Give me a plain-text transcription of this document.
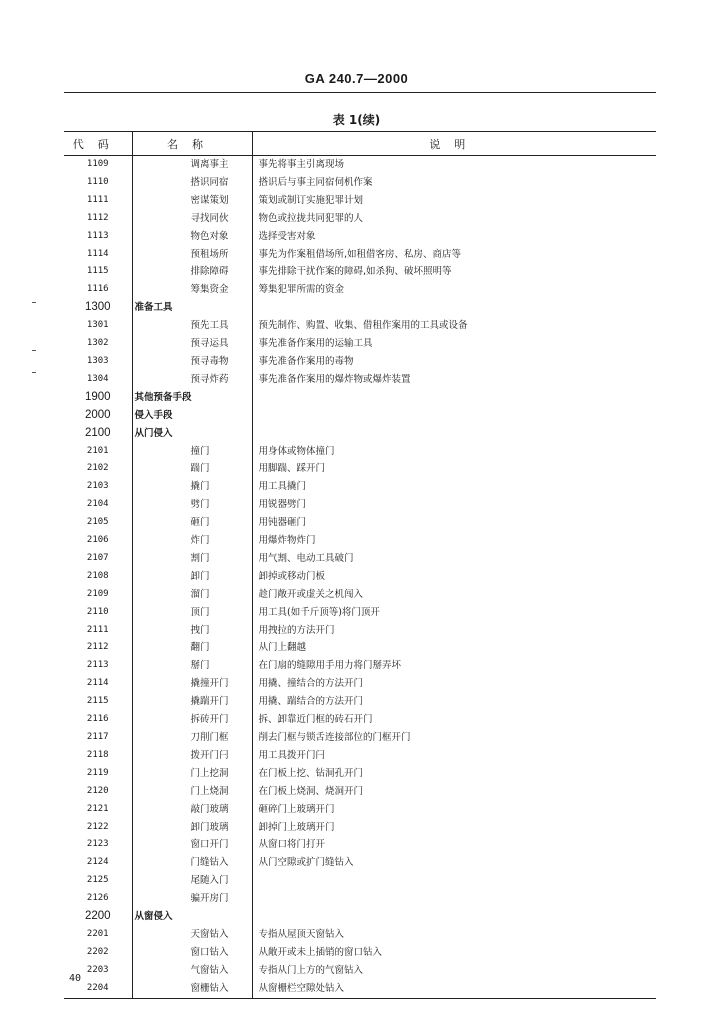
GA 240.7—2000
表 1(续)
代码	名称	说明
1109	调离事主	事先将事主引离现场
1110	搭识同宿	搭识后与事主同宿伺机作案
1111	密谋策划	策划或制订实施犯罪计划
1112	寻找同伙	物色或拉拢共同犯罪的人
1113	物色对象	选择受害对象
1114	预租场所	事先为作案租借场所,如租借客房、私房、商店等
1115	排除障碍	事先排除干扰作案的障碍,如杀狗、破坏照明等
1116	筹集资金	筹集犯罪所需的资金
1300	准备工具	
1301	预先工具	预先制作、购置、收集、借租作案用的工具或设备
1302	预寻运具	事先准备作案用的运输工具
1303	预寻毒物	事先准备作案用的毒物
1304	预寻炸药	事先准备作案用的爆炸物或爆炸装置
1900	其他预备手段	
2000	侵入手段	
2100	从门侵入	
2101	撞门	用身体或物体撞门
2102	踹门	用脚踹、踩开门
2103	撬门	用工具撬门
2104	劈门	用锐器劈门
2105	砸门	用钝器砸门
2106	炸门	用爆炸物炸门
2107	割门	用气割、电动工具破门
2108	卸门	卸掉或移动门板
2109	溜门	趁门敞开或虚关之机闯入
2110	顶门	用工具(如千斤顶等)将门顶开
2111	拽门	用拽拉的方法开门
2112	翻门	从门上翻越
2113	掰门	在门扇的缝隙用手用力将门掰弄坏
2114	撬撞开门	用撬、撞结合的方法开门
2115	撬踹开门	用撬、踹结合的方法开门
2116	拆砖开门	拆、卸靠近门框的砖石开门
2117	刀削门框	削去门框与锁舌连接部位的门框开门
2118	拨开门闩	用工具拨开门闩
2119	门上挖洞	在门板上挖、钻洞孔开门
2120	门上烧洞	在门板上烧洞、烧洞开门
2121	敲门玻璃	砸碎门上玻璃开门
2122	卸门玻璃	卸掉门上玻璃开门
2123	窗口开门	从窗口将门打开
2124	门缝钻入	从门空隙或扩门缝钻入
2125	尾随入门	
2126	骗开房门	
2200	从窗侵入	
2201	天窗钻入	专指从屋顶天窗钻入
2202	窗口钻入	从敞开或未上插销的窗口钻入
2203	气窗钻入	专指从门上方的气窗钻入
2204	窗栅钻入	从窗栅栏空隙处钻入
40
